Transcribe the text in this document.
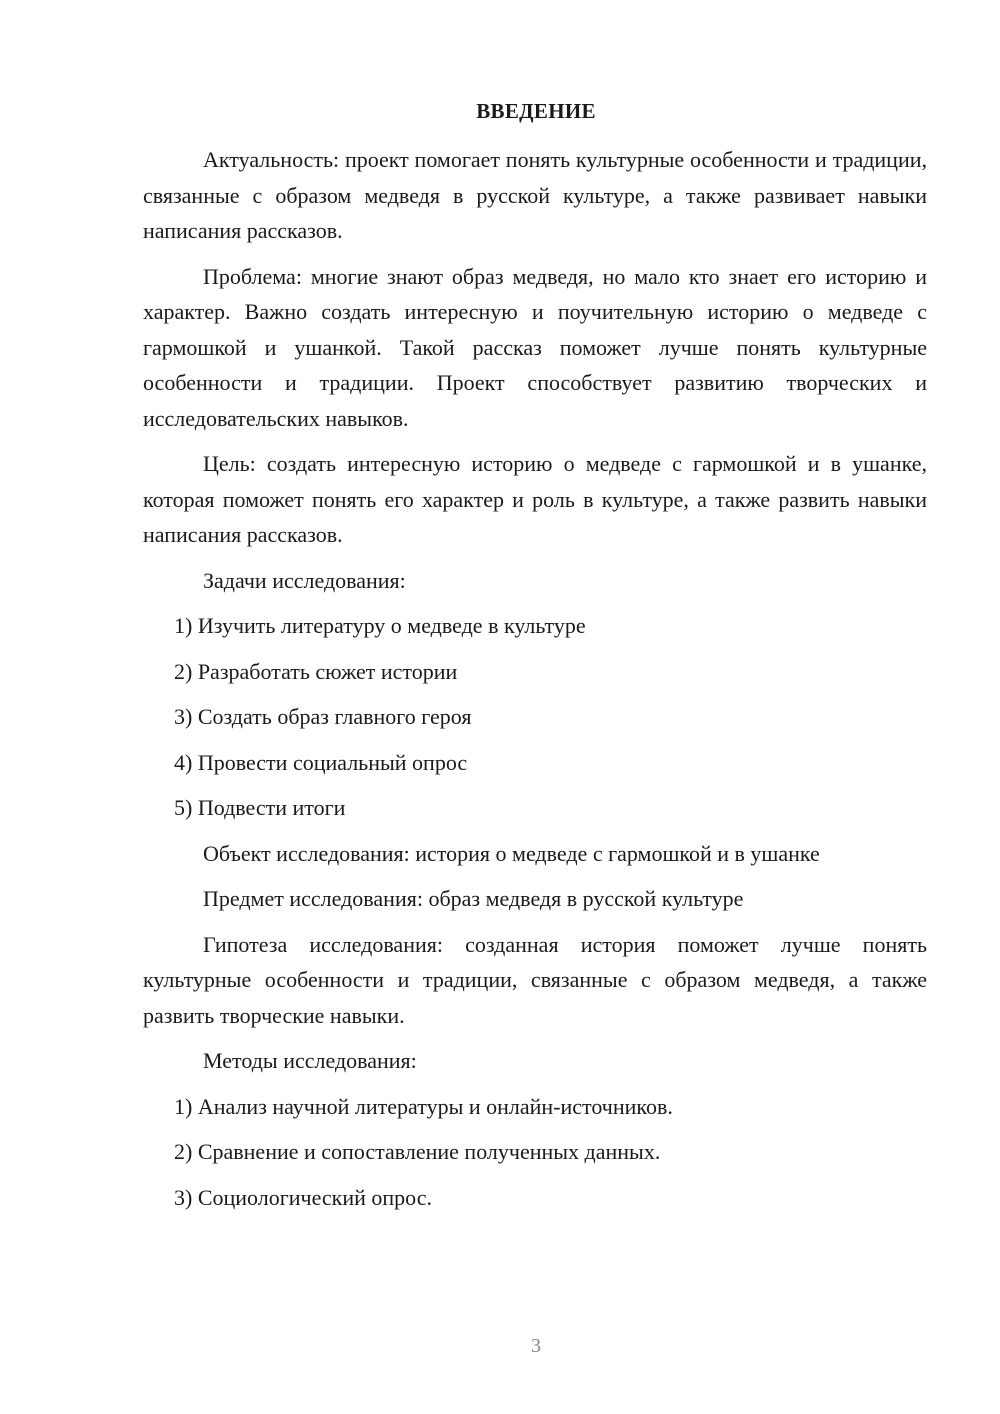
ВВЕДЕНИЕ

Актуальность: проект помогает понять культурные особенности и традиции, связанные с образом медведя в русской культуре, а также развивает навыки написания рассказов.

Проблема: многие знают образ медведя, но мало кто знает его историю и характер. Важно создать интересную и поучительную историю о медведе с гармошкой и ушанкой. Такой рассказ поможет лучше понять культурные особенности и традиции. Проект способствует развитию творческих и исследовательских навыков.

Цель: создать интересную историю о медведе с гармошкой и в ушанке, которая поможет понять его характер и роль в культуре, а также развить навыки написания рассказов.

Задачи исследования:

1) Изучить литературу о медведе в культуре

2) Разработать сюжет истории

3) Создать образ главного героя

4) Провести социальный опрос

5) Подвести итоги

Объект исследования: история о медведе с гармошкой и в ушанке

Предмет исследования: образ медведя в русской культуре

Гипотеза исследования: созданная история поможет лучше понять культурные особенности и традиции, связанные с образом медведя, а также развить творческие навыки.

Методы исследования:

1) Анализ научной литературы и онлайн-источников.

2) Сравнение и сопоставление полученных данных.

3) Социологический опрос.

3
